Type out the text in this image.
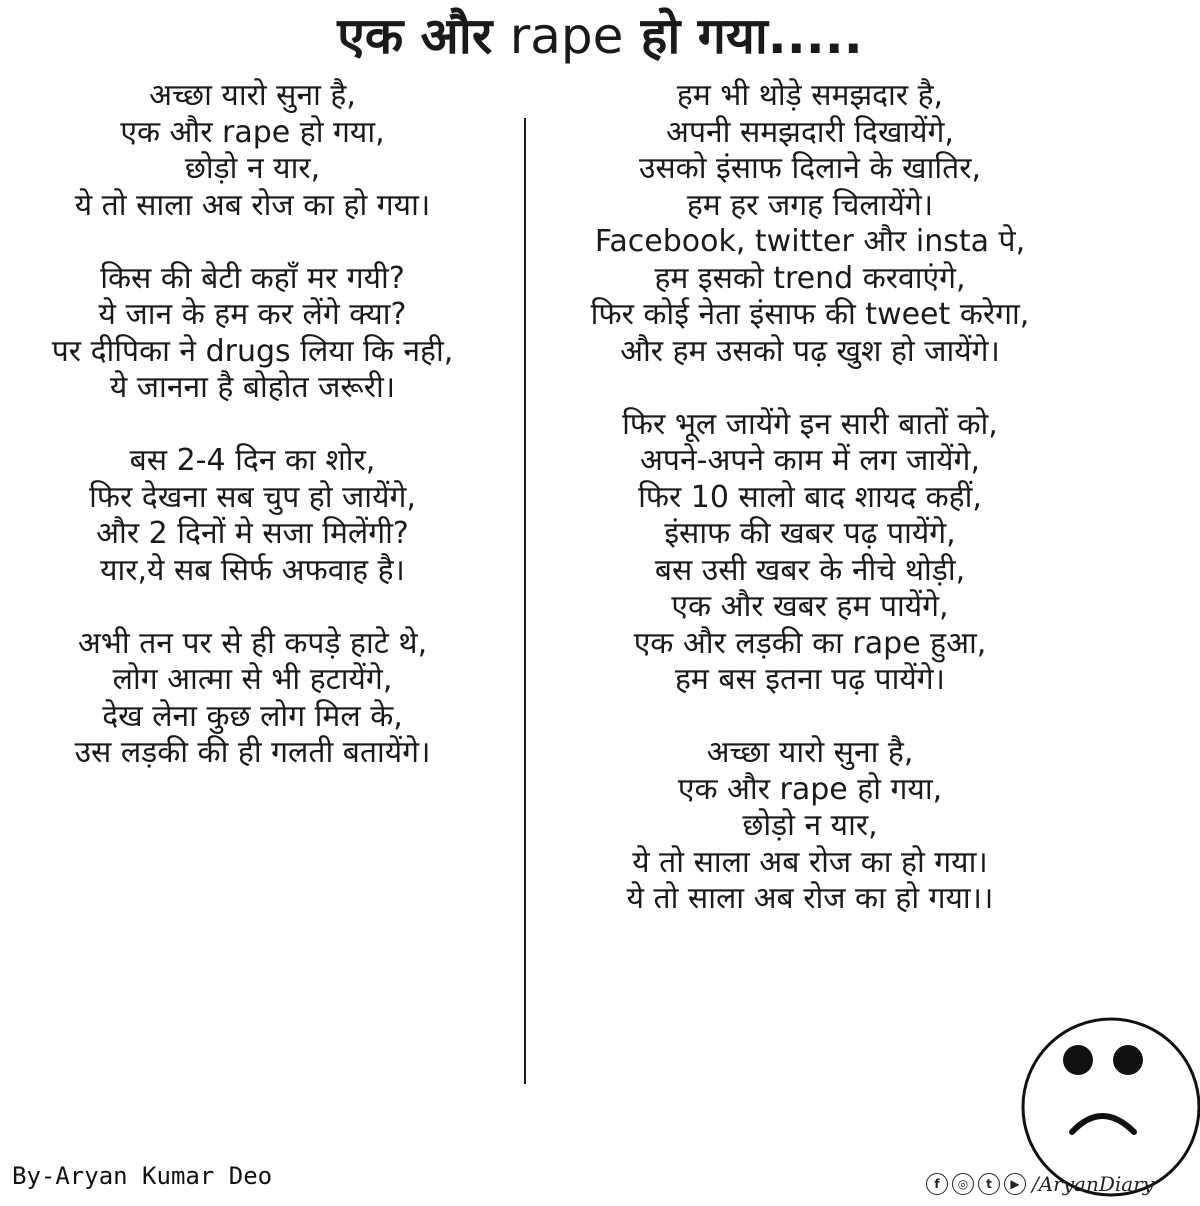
एक और rape हो गया.....
अच्छा यारो सुना है,
एक और rape हो गया,
छोड़ो न यार,
ये तो साला अब रोज का हो गया।
किस की बेटी कहाँ मर गयी?
ये जान के हम कर लेंगे क्या?
पर दीपिका ने drugs लिया कि नही,
ये जानना है बोहोत जरूरी।
बस 2-4 दिन का शोर,
फिर देखना सब चुप हो जायेंगे,
और 2 दिनों मे सजा मिलेंगी?
यार,ये सब सिर्फ अफवाह है।
अभी तन पर से ही कपड़े हाटे थे,
लोग आत्मा से भी हटायेंगे,
देख लेना कुछ लोग मिल के,
उस लड़की की ही गलती बतायेंगे।
हम भी थोड़े समझदार है,
अपनी समझदारी दिखायेंगे,
उसको इंसाफ दिलाने के खातिर,
हम हर जगह चिलायेंगे।
Facebook, twitter और insta पे,
हम इसको trend करवाएंगे,
फिर कोई नेता इंसाफ की tweet करेगा,
और हम उसको पढ़ खुश हो जायेंगे।
फिर भूल जायेंगे इन सारी बातों को,
अपने-अपने काम में लग जायेंगे,
फिर 10 सालो बाद शायद कहीं,
इंसाफ की खबर पढ़ पायेंगे,
बस उसी खबर के नीचे थोड़ी,
एक और खबर हम पायेंगे,
एक और लड़की का rape हुआ,
हम बस इतना पढ़ पायेंगे।
अच्छा यारो सुना है,
एक और rape हो गया,
छोड़ो न यार,
ये तो साला अब रोज का हो गया।
ये तो साला अब रोज का हो गया।।
By-Aryan Kumar Deo	f	◎	t	▶ /AryanDiary
